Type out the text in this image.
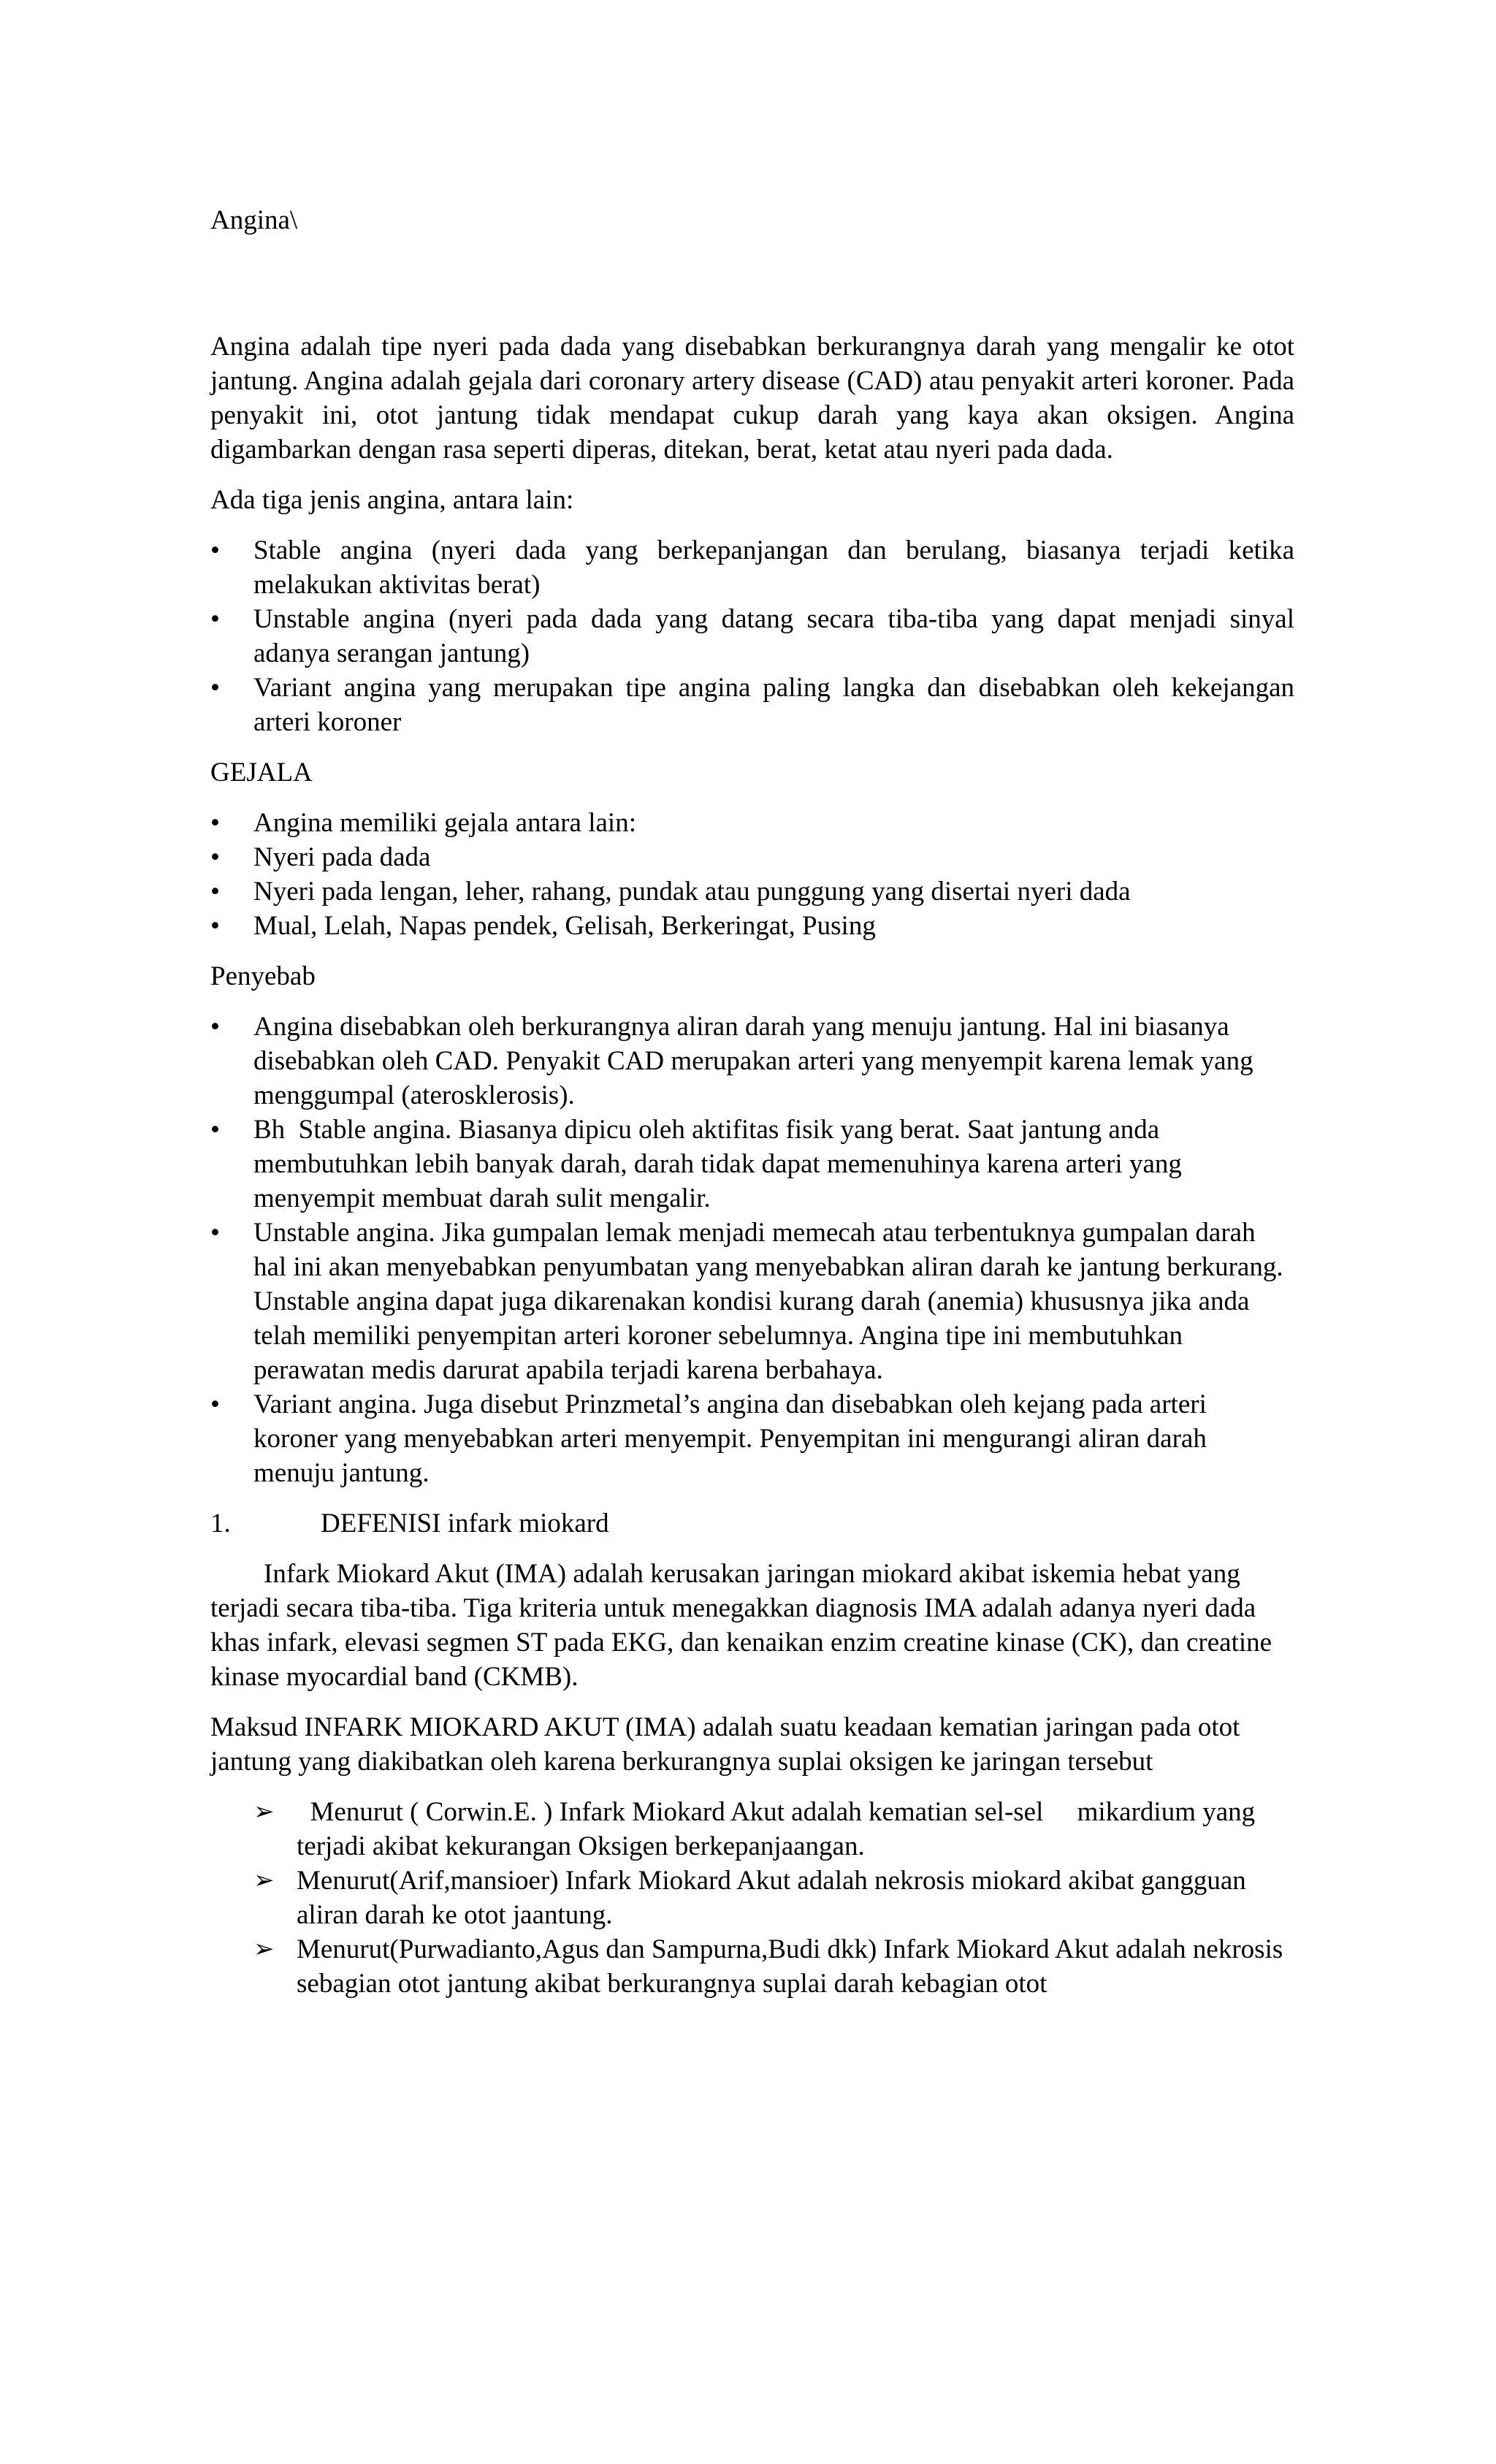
Angina\

Angina adalah tipe nyeri pada dada yang disebabkan berkurangnya darah yang mengalir ke otot jantung. Angina adalah gejala dari coronary artery disease (CAD) atau penyakit arteri koroner. Pada penyakit ini, otot jantung tidak mendapat cukup darah yang kaya akan oksigen. Angina digambarkan dengan rasa seperti diperas, ditekan, berat, ketat atau nyeri pada dada.

Ada tiga jenis angina, antara lain:

• Stable angina (nyeri dada yang berkepanjangan dan berulang, biasanya terjadi ketika melakukan aktivitas berat)
• Unstable angina (nyeri pada dada yang datang secara tiba-tiba yang dapat menjadi sinyal adanya serangan jantung)
• Variant angina yang merupakan tipe angina paling langka dan disebabkan oleh kekejangan arteri koroner

GEJALA

• Angina memiliki gejala antara lain:
• Nyeri pada dada
• Nyeri pada lengan, leher, rahang, pundak atau punggung yang disertai nyeri dada
• Mual, Lelah, Napas pendek, Gelisah, Berkeringat, Pusing

Penyebab

• Angina disebabkan oleh berkurangnya aliran darah yang menuju jantung. Hal ini biasanya disebabkan oleh CAD. Penyakit CAD merupakan arteri yang menyempit karena lemak yang menggumpal (aterosklerosis).
• Bh  Stable angina. Biasanya dipicu oleh aktifitas fisik yang berat. Saat jantung anda membutuhkan lebih banyak darah, darah tidak dapat memenuhinya karena arteri yang menyempit membuat darah sulit mengalir.
• Unstable angina. Jika gumpalan lemak menjadi memecah atau terbentuknya gumpalan darah hal ini akan menyebabkan penyumbatan yang menyebabkan aliran darah ke jantung berkurang. Unstable angina dapat juga dikarenakan kondisi kurang darah (anemia) khususnya jika anda telah memiliki penyempitan arteri koroner sebelumnya. Angina tipe ini membutuhkan perawatan medis darurat apabila terjadi karena berbahaya.
• Variant angina. Juga disebut Prinzmetal’s angina dan disebabkan oleh kejang pada arteri koroner yang menyebabkan arteri menyempit. Penyempitan ini mengurangi aliran darah menuju jantung.

1.	DEFENISI infark miokard

Infark Miokard Akut (IMA) adalah kerusakan jaringan miokard akibat iskemia hebat yang terjadi secara tiba-tiba. Tiga kriteria untuk menegakkan diagnosis IMA adalah adanya nyeri dada khas infark, elevasi segmen ST pada EKG, dan kenaikan enzim creatine kinase (CK), dan creatine kinase myocardial band (CKMB).

Maksud INFARK MIOKARD AKUT (IMA) adalah suatu keadaan kematian jaringan pada otot jantung yang diakibatkan oleh karena berkurangnya suplai oksigen ke jaringan tersebut

➢ Menurut ( Corwin.E. ) Infark Miokard Akut adalah kematian sel-sel     mikardium yang terjadi akibat kekurangan Oksigen berkepanjaangan.
➢ Menurut(Arif,mansioer) Infark Miokard Akut adalah nekrosis miokard akibat gangguan      aliran darah ke otot jaantung.
➢ Menurut(Purwadianto,Agus dan Sampurna,Budi dkk) Infark Miokard Akut adalah nekrosis sebagian otot jantung akibat berkurangnya suplai darah kebagian otot
